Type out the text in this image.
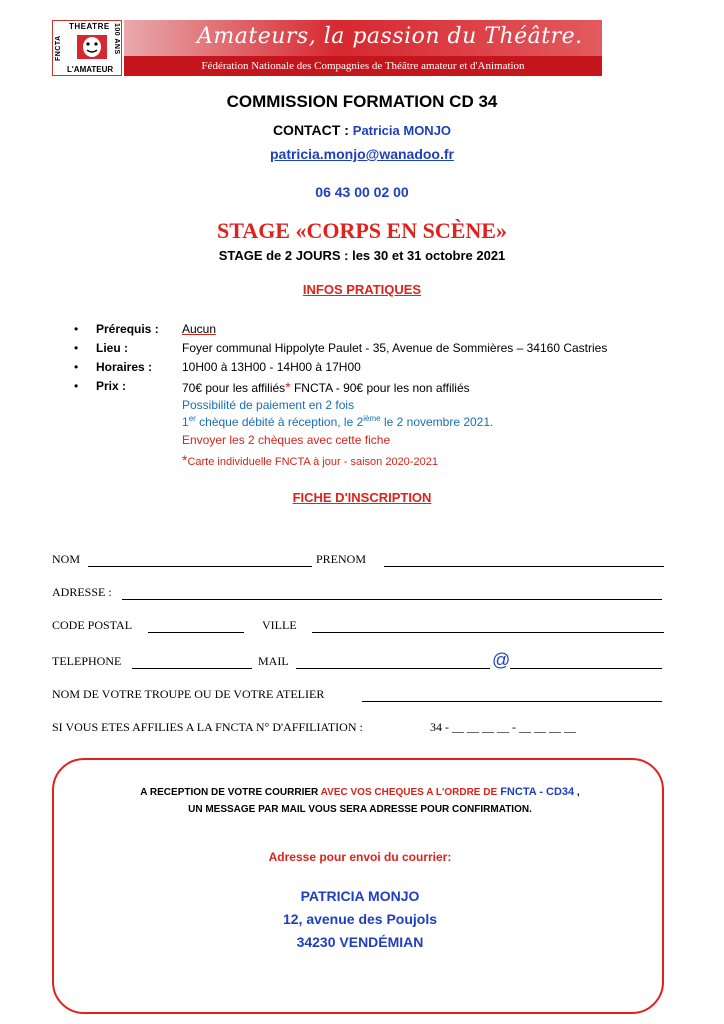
FNCTA
THEATRE
L'AMATEUR
100 ANS	Amateurs, la passion du Théâtre.
Fédération Nationale des Compagnies de Théâtre amateur et d'Animation
COMMISSION FORMATION CD 34
CONTACT : Patricia MONJO
patricia.monjo@wanadoo.fr
06 43 00 02 00
STAGE «CORPS EN SCÈNE»
STAGE de 2 JOURS : les 30 et 31 octobre 2021
INFOS PRATIQUES
•	Prérequis : Aucun
•	Lieu :	Foyer communal Hippolyte Paulet - 35, Avenue de Sommières – 34160 Castries
•	Horaires : 10H00 à 13H00 - 14H00 à 17H00
•	Prix :	70€ pour les affiliés* FNCTA - 90€ pour les non affiliés
Possibilité de paiement en 2 fois
1er chèque débité à réception, le 2ième le 2 novembre 2021.
Envoyer les 2 chèques avec cette fiche
*Carte individuelle FNCTA à jour - saison 2020-2021
FICHE D'INSCRIPTION
NOM	PRENOM
ADRESSE :
CODE POSTAL	VILLE
TELEPHONE	MAIL	@
NOM DE VOTRE TROUPE OU DE VOTRE ATELIER
SI VOUS ETES AFFILIES A LA FNCTA N° D'AFFILIATION :	34 - __ __ __ __ - __ __ __ __
A RECEPTION DE VOTRE COURRIER AVEC VOS CHEQUES A L'ORDRE DE FNCTA - CD34 ,
UN MESSAGE PAR MAIL VOUS SERA ADRESSE POUR CONFIRMATION.
Adresse pour envoi du courrier:
PATRICIA MONJO
12, avenue des Poujols
34230 VENDÉMIAN
